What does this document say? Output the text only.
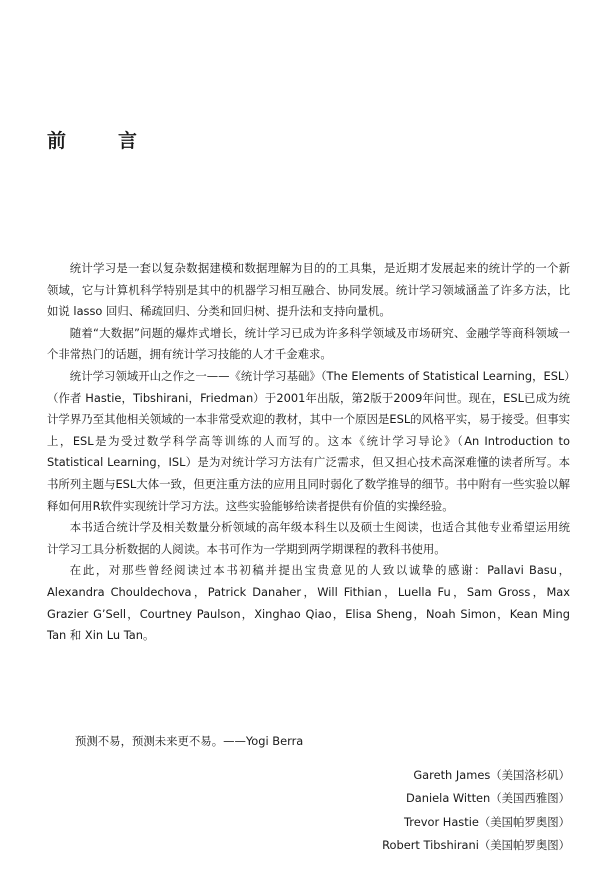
前	言

统计学习是一套以复杂数据建模和数据理解为目的的工具集，是近期才发展起来的统计学的一个新领域，它与计算机科学特别是其中的机器学习相互融合、协同发展。统计学习领域涵盖了许多方法，比如说 lasso 回归、稀疏回归、分类和回归树、提升法和支持向量机。

随着“大数据”问题的爆炸式增长，统计学习已成为许多科学领域及市场研究、金融学等商科领域一个非常热门的话题，拥有统计学习技能的人才千金难求。

统计学习领域开山之作之一——《统计学习基础》（The Elements of Statistical Learning，ESL）（作者 Hastie，Tibshirani，Friedman）于2001年出版，第2版于2009年问世。现在，ESL已成为统计学界乃至其他相关领域的一本非常受欢迎的教材，其中一个原因是ESL的风格平实，易于接受。但事实上，ESL是为受过数学科学高等训练的人而写的。这本《统计学习导论》（An Introduction to Statistical Learning，ISL）是为对统计学习方法有广泛需求，但又担心技术高深难懂的读者所写。本书所列主题与ESL大体一致，但更注重方法的应用且同时弱化了数学推导的细节。书中附有一些实验以解释如何用R软件实现统计学习方法。这些实验能够给读者提供有价值的实操经验。

本书适合统计学及相关数量分析领域的高年级本科生以及硕士生阅读，也适合其他专业希望运用统计学习工具分析数据的人阅读。本书可作为一学期到两学期课程的教科书使用。

在此，对那些曾经阅读过本书初稿并提出宝贵意见的人致以诚挚的感谢：Pallavi Basu，Alexandra Chouldechova，Patrick Danaher，Will Fithian，Luella Fu，Sam Gross，Max Grazier G’Sell，Courtney Paulson，Xinghao Qiao，Elisa Sheng，Noah Simon，Kean Ming Tan 和 Xin Lu Tan。

预测不易，预测未来更不易。——Yogi Berra
Gareth James（美国洛杉矶）
Daniela Witten（美国西雅图）
Trevor Hastie（美国帕罗奥图）
Robert Tibshirani（美国帕罗奥图）
